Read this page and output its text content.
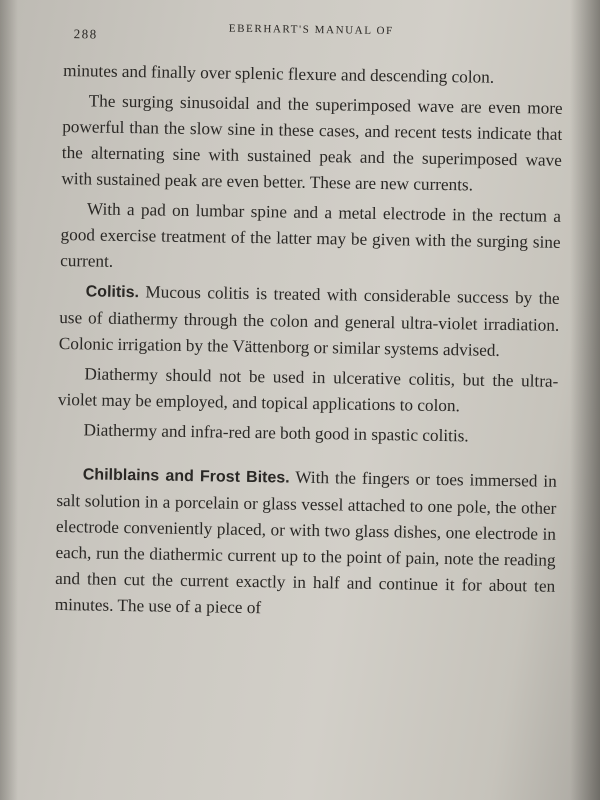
288	EBERHART'S MANUAL OF

minutes and finally over splenic flexure and descending colon.

The surging sinusoidal and the superimposed wave are even more powerful than the slow sine in these cases, and recent tests indicate that the alternating sine with sustained peak and the superimposed wave with sustained peak are even better. These are new currents.

With a pad on lumbar spine and a metal electrode in the rectum a good exercise treatment of the latter may be given with the surging sine current.

Colitis. Mucous colitis is treated with considerable success by the use of diathermy through the colon and general ultra-violet irradiation. Colonic irrigation by the Vättenborg or similar systems advised.

Diathermy should not be used in ulcerative colitis, but the ultra-violet may be employed, and topical applications to colon.

Diathermy and infra-red are both good in spastic colitis.

Chilblains and Frost Bites. With the fingers or toes immersed in salt solution in a porcelain or glass vessel attached to one pole, the other electrode conveniently placed, or with two glass dishes, one electrode in each, run the diathermic current up to the point of pain, note the reading and then cut the current exactly in half and continue it for about ten minutes. The use of a piece of
